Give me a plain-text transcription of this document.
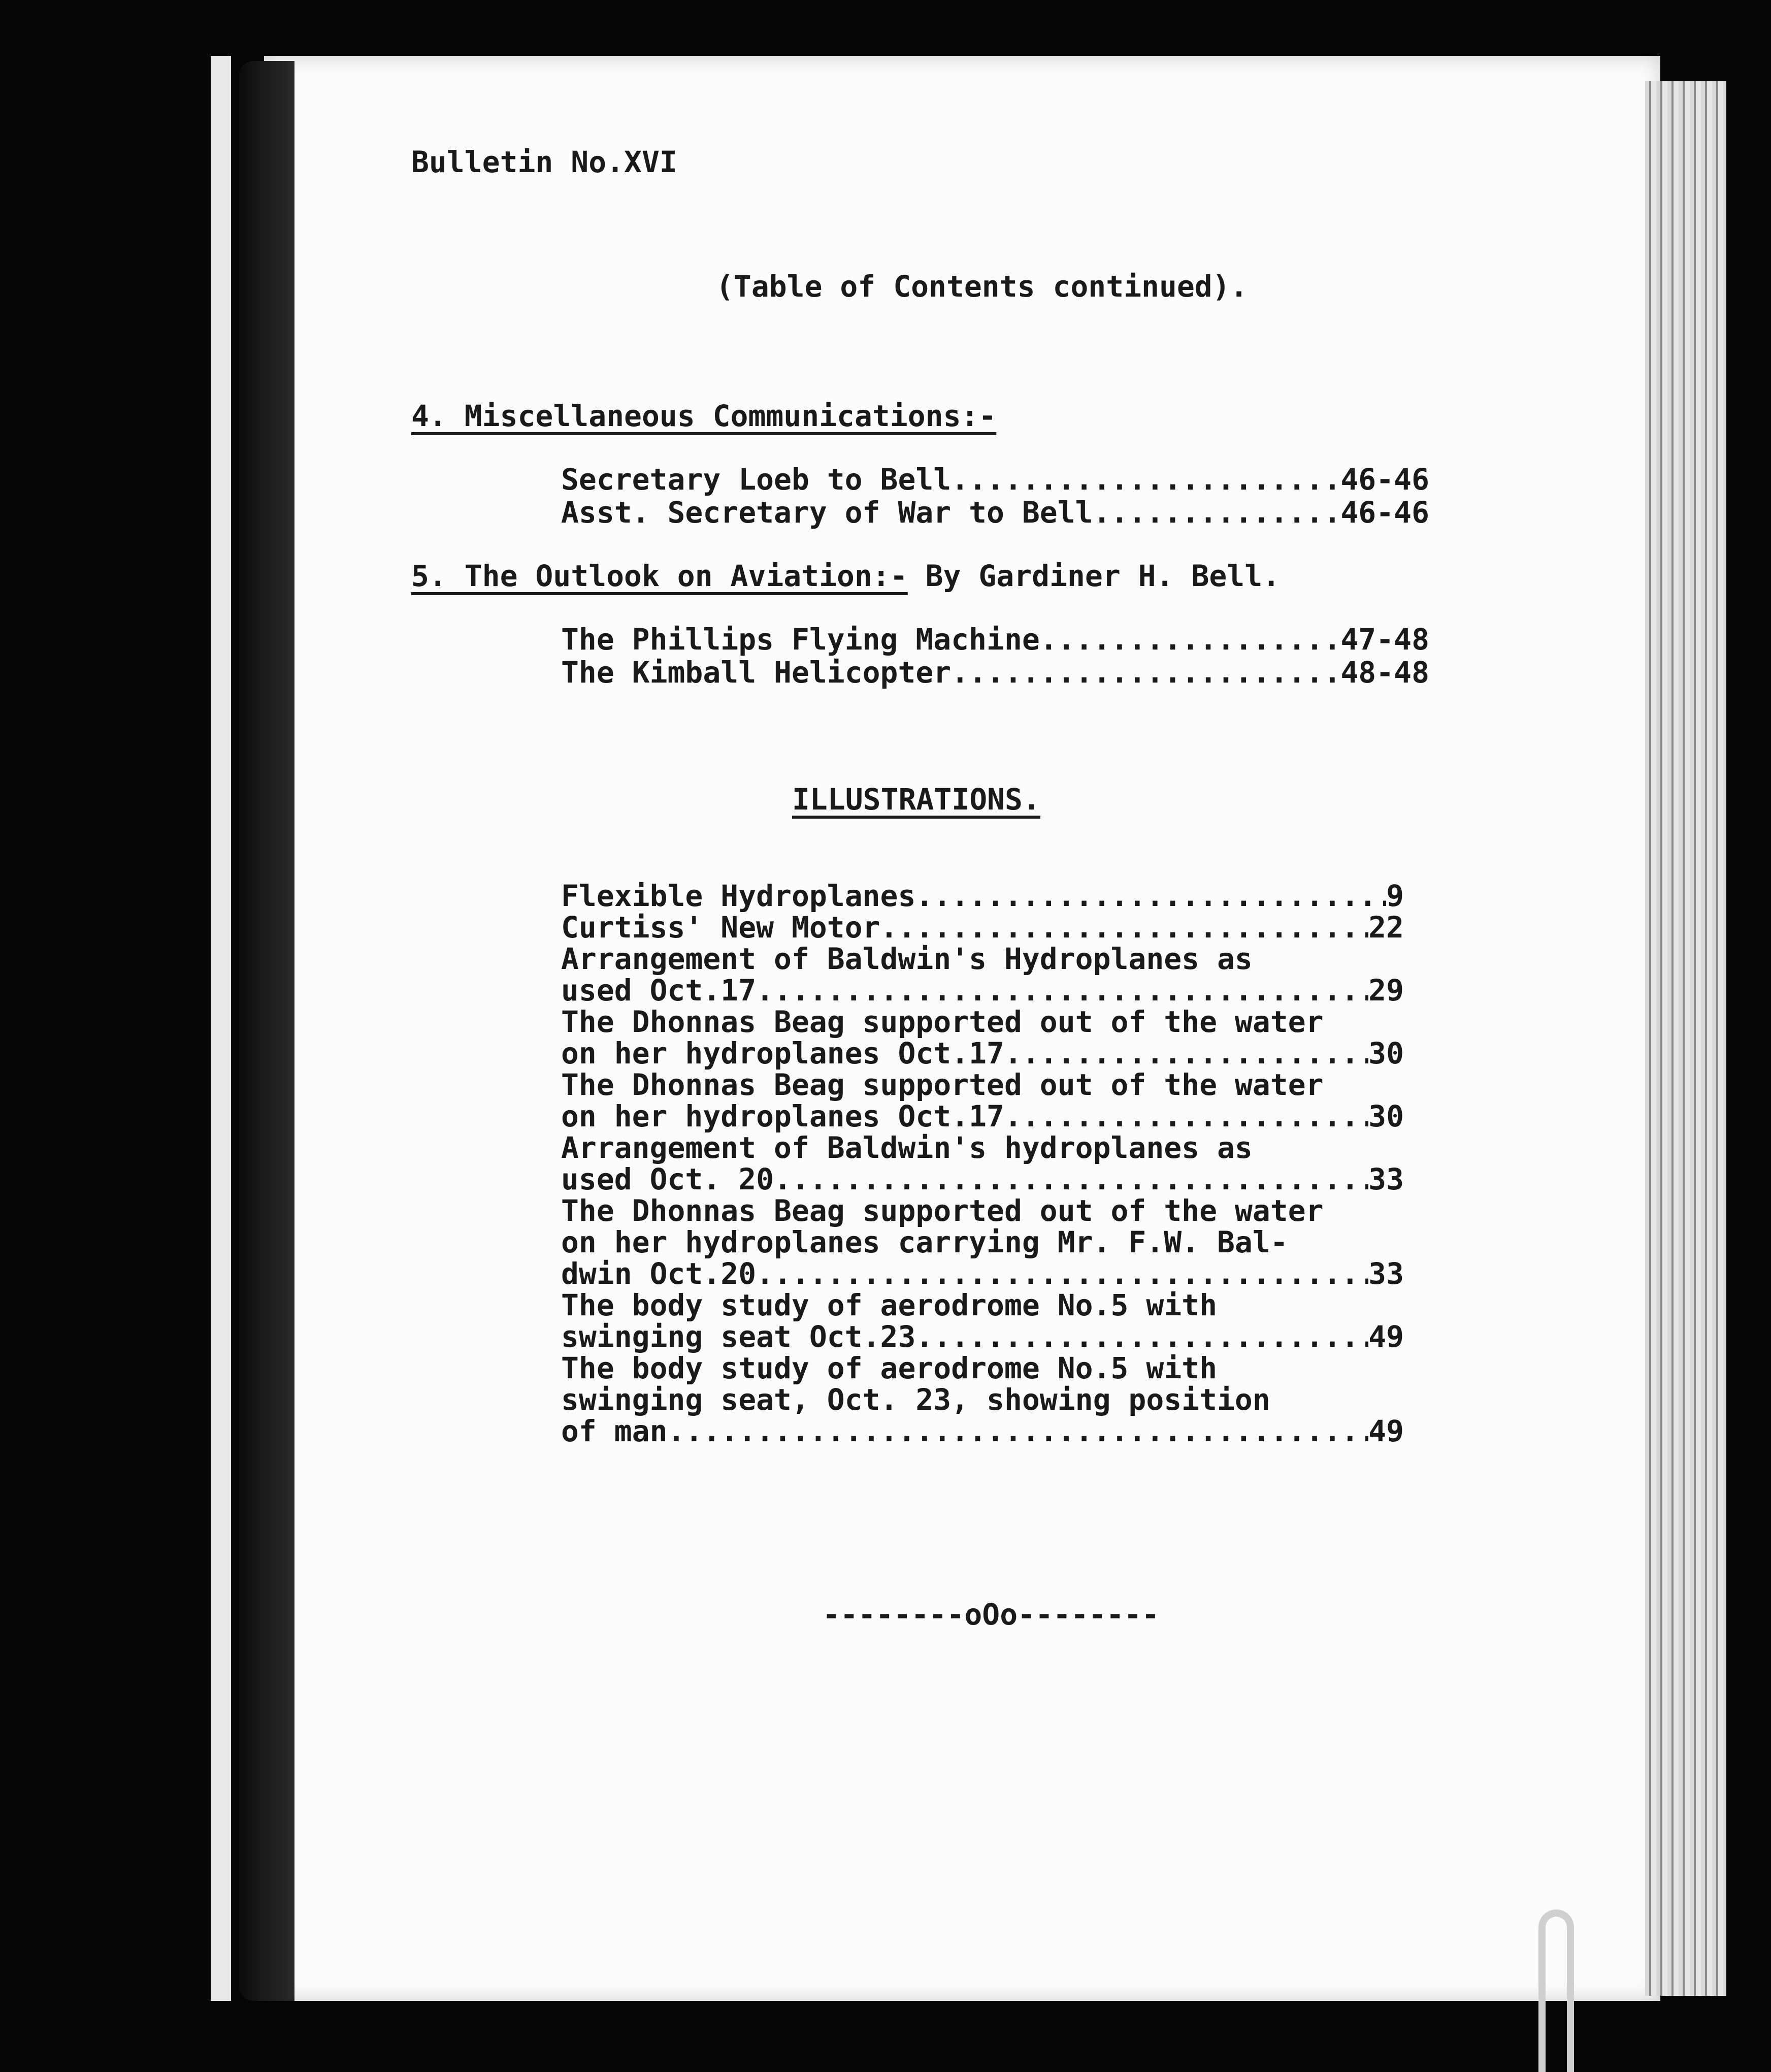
Bulletin No.XVI
(Table of Contents continued).
4. Miscellaneous Communications:-
Secretary Loeb to Bell .....	46-46
Asst. Secretary of War to Bell .....	46-46
5. The Outlook on Aviation:- By Gardiner H. Bell.
The Phillips Flying Machine .....	47-48
The Kimball Helicopter .....	48-48
ILLUSTRATIONS.
Flexible Hydroplanes .....	9
Curtiss' New Motor .....	22
Arrangement of Baldwin's Hydroplanes as
used Oct.17 .....	29
The Dhonnas Beag supported out of the water
on her hydroplanes Oct.17 .....	30
The Dhonnas Beag supported out of the water
on her hydroplanes Oct.17 .....	30
Arrangement of Baldwin's hydroplanes as
used Oct. 20 .....	33
The Dhonnas Beag supported out of the water
on her hydroplanes carrying Mr. F.W. Bal-
dwin Oct.20 .....	33
The body study of aerodrome No.5 with
swinging seat Oct.23 .....	49
The body study of aerodrome No.5 with
swinging seat, Oct. 23, showing position
of man .....	49
--------oOo--------
